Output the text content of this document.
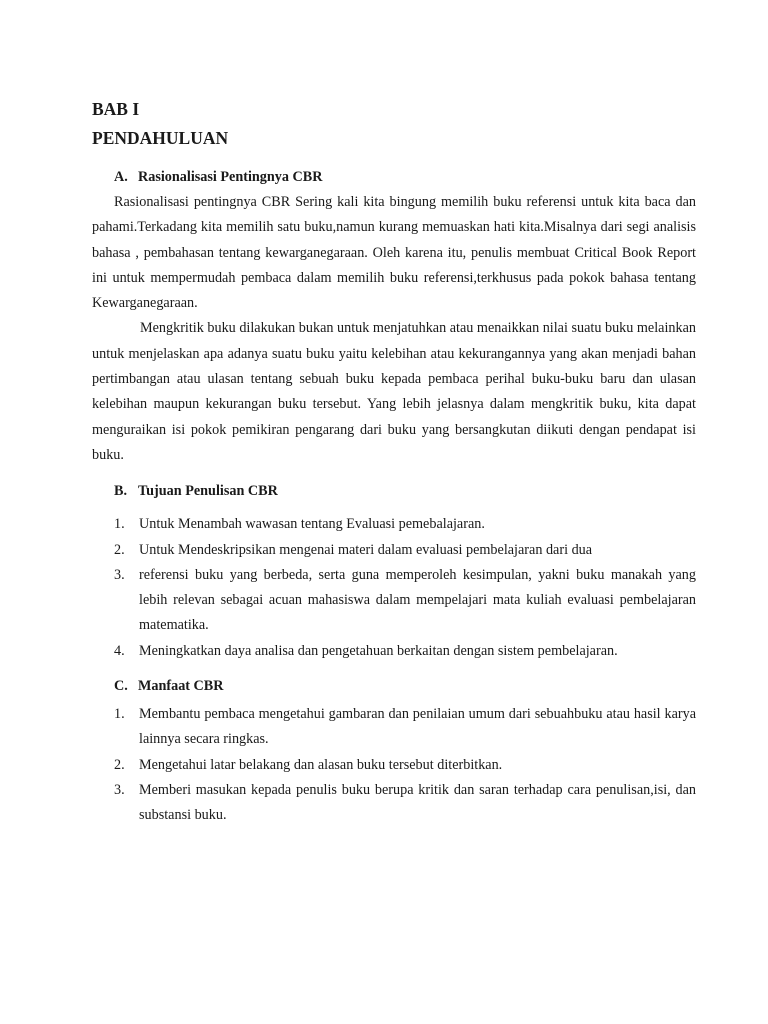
BAB I
PENDAHULUAN
A. Rasionalisasi Pentingnya CBR

Rasionalisasi pentingnya CBR Sering kali kita bingung memilih buku referensi untuk kita baca dan pahami.Terkadang kita memilih satu buku,namun kurang memuaskan hati kita.Misalnya dari segi analisis bahasa , pembahasan tentang kewarganegaraan. Oleh karena itu, penulis membuat Critical Book Report ini untuk mempermudah pembaca dalam memilih buku referensi,terkhusus pada pokok bahasa tentang Kewarganegaraan.

Mengkritik buku dilakukan bukan untuk menjatuhkan atau menaikkan nilai suatu buku melainkan untuk menjelaskan apa adanya suatu buku yaitu kelebihan atau kekurangannya yang akan menjadi bahan pertimbangan atau ulasan tentang sebuah buku kepada pembaca perihal buku-buku baru dan ulasan kelebihan maupun kekurangan buku tersebut. Yang lebih jelasnya dalam mengkritik buku, kita dapat menguraikan isi pokok pemikiran pengarang dari buku yang bersangkutan diikuti dengan pendapat isi buku.

B. Tujuan Penulisan CBR
1.	Untuk Menambah wawasan tentang Evaluasi pemebalajaran.
2.	Untuk Mendeskripsikan mengenai materi dalam evaluasi pembelajaran dari dua
3.	referensi buku yang berbeda, serta guna memperoleh kesimpulan, yakni buku manakah yang lebih relevan sebagai acuan mahasiswa dalam mempelajari mata kuliah evaluasi pembelajaran matematika.
4.	Meningkatkan daya analisa dan pengetahuan berkaitan dengan sistem pembelajaran.
C. Manfaat CBR
1.	Membantu pembaca mengetahui gambaran dan penilaian umum dari sebuahbuku atau hasil karya lainnya secara ringkas.
2.	Mengetahui latar belakang dan alasan buku tersebut diterbitkan.
3.	Memberi masukan kepada penulis buku berupa kritik dan saran terhadap cara penulisan,isi, dan substansi buku.
